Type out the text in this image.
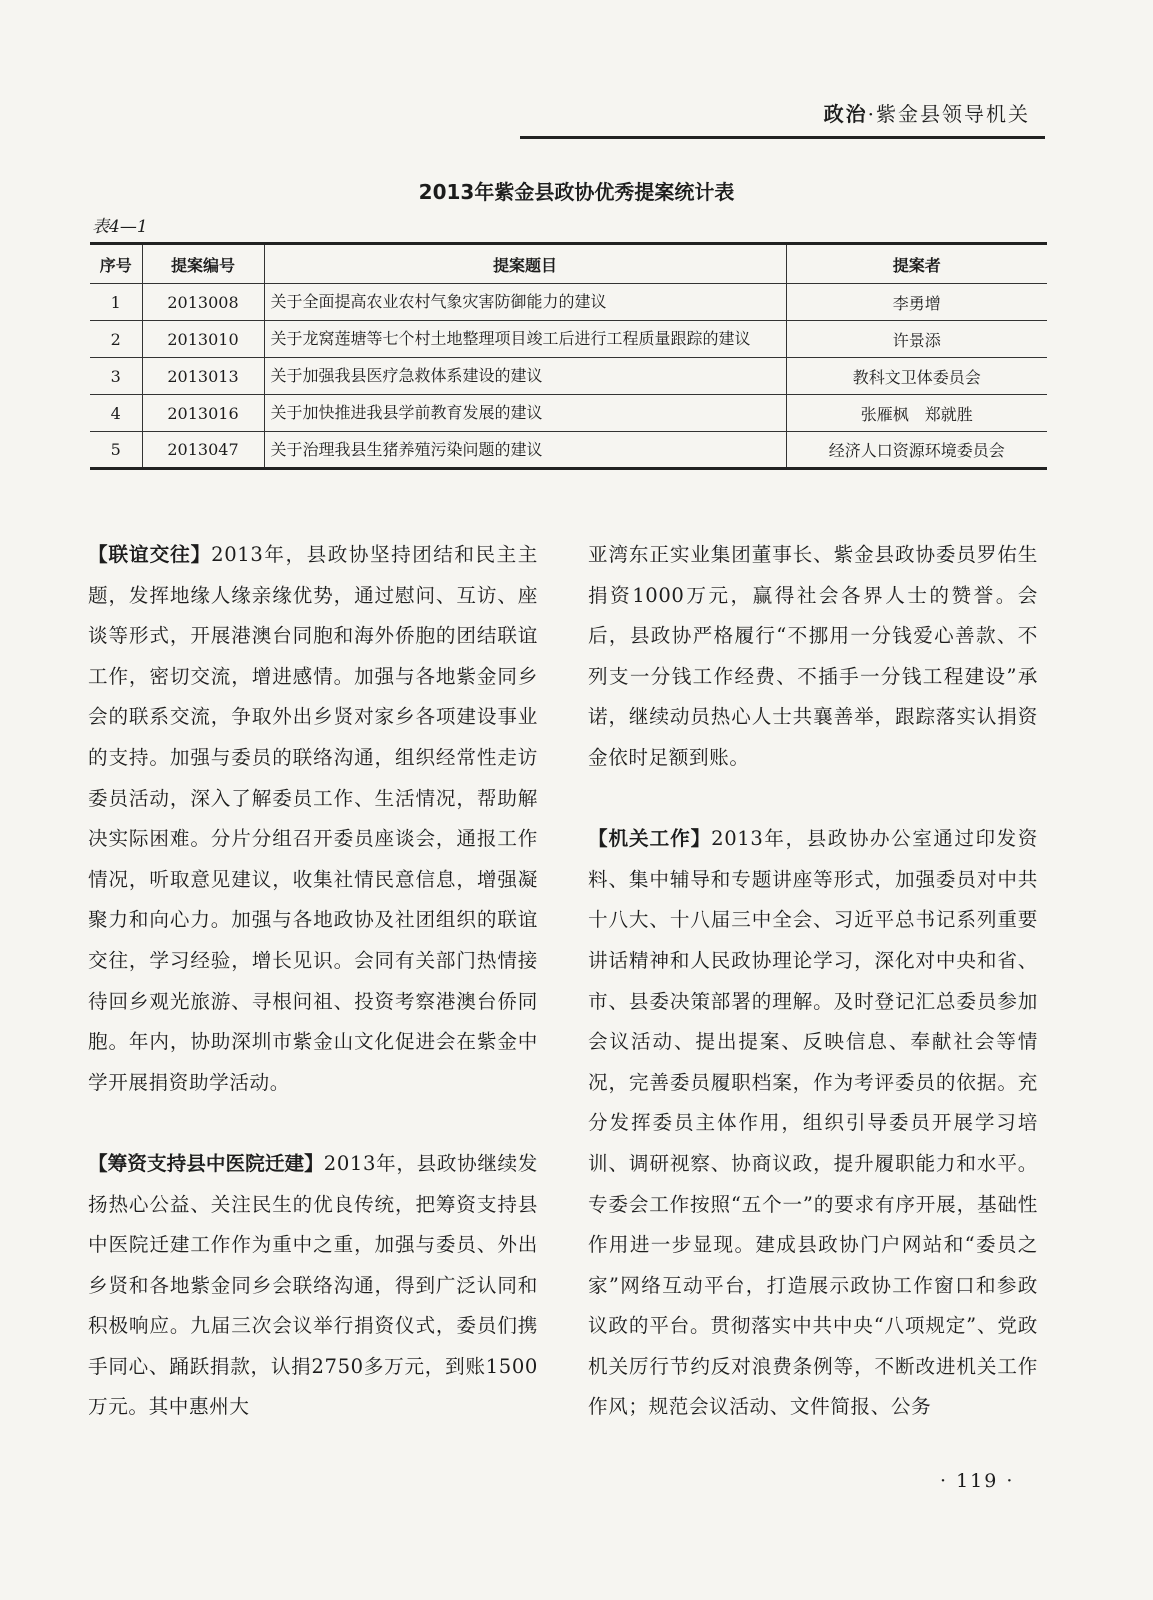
政治·紫金县领导机关
2013年紫金县政协优秀提案统计表
表4—1
序号	提案编号	提案题目	提案者
1	2013008	关于全面提高农业农村气象灾害防御能力的建议	李勇增
2	2013010	关于龙窝莲塘等七个村土地整理项目竣工后进行工程质量跟踪的建议	许景添
3	2013013	关于加强我县医疗急救体系建设的建议	教科文卫体委员会
4	2013016	关于加快推进我县学前教育发展的建议	张雁枫　郑就胜
5	2013047	关于治理我县生猪养殖污染问题的建议	经济人口资源环境委员会

【联谊交往】2013年，县政协坚持团结和民主主题，发挥地缘人缘亲缘优势，通过慰问、互访、座谈等形式，开展港澳台同胞和海外侨胞的团结联谊工作，密切交流，增进感情。加强与各地紫金同乡会的联系交流，争取外出乡贤对家乡各项建设事业的支持。加强与委员的联络沟通，组织经常性走访委员活动，深入了解委员工作、生活情况，帮助解决实际困难。分片分组召开委员座谈会，通报工作情况，听取意见建议，收集社情民意信息，增强凝聚力和向心力。加强与各地政协及社团组织的联谊交往，学习经验，增长见识。会同有关部门热情接待回乡观光旅游、寻根问祖、投资考察港澳台侨同胞。年内，协助深圳市紫金山文化促进会在紫金中学开展捐资助学活动。

【筹资支持县中医院迁建】2013年，县政协继续发扬热心公益、关注民生的优良传统，把筹资支持县中医院迁建工作作为重中之重，加强与委员、外出乡贤和各地紫金同乡会联络沟通，得到广泛认同和积极响应。九届三次会议举行捐资仪式，委员们携手同心、踊跃捐款，认捐2750多万元，到账1500万元。其中惠州大

亚湾东正实业集团董事长、紫金县政协委员罗佑生捐资1000万元，赢得社会各界人士的赞誉。会后，县政协严格履行“不挪用一分钱爱心善款、不列支一分钱工作经费、不插手一分钱工程建设”承诺，继续动员热心人士共襄善举，跟踪落实认捐资金依时足额到账。

【机关工作】2013年，县政协办公室通过印发资料、集中辅导和专题讲座等形式，加强委员对中共十八大、十八届三中全会、习近平总书记系列重要讲话精神和人民政协理论学习，深化对中央和省、市、县委决策部署的理解。及时登记汇总委员参加会议活动、提出提案、反映信息、奉献社会等情况，完善委员履职档案，作为考评委员的依据。充分发挥委员主体作用，组织引导委员开展学习培训、调研视察、协商议政，提升履职能力和水平。专委会工作按照“五个一”的要求有序开展，基础性作用进一步显现。建成县政协门户网站和“委员之家”网络互动平台，打造展示政协工作窗口和参政议政的平台。贯彻落实中共中央“八项规定”、党政机关厉行节约反对浪费条例等，不断改进机关工作作风；规范会议活动、文件简报、公务

· 119 ·
